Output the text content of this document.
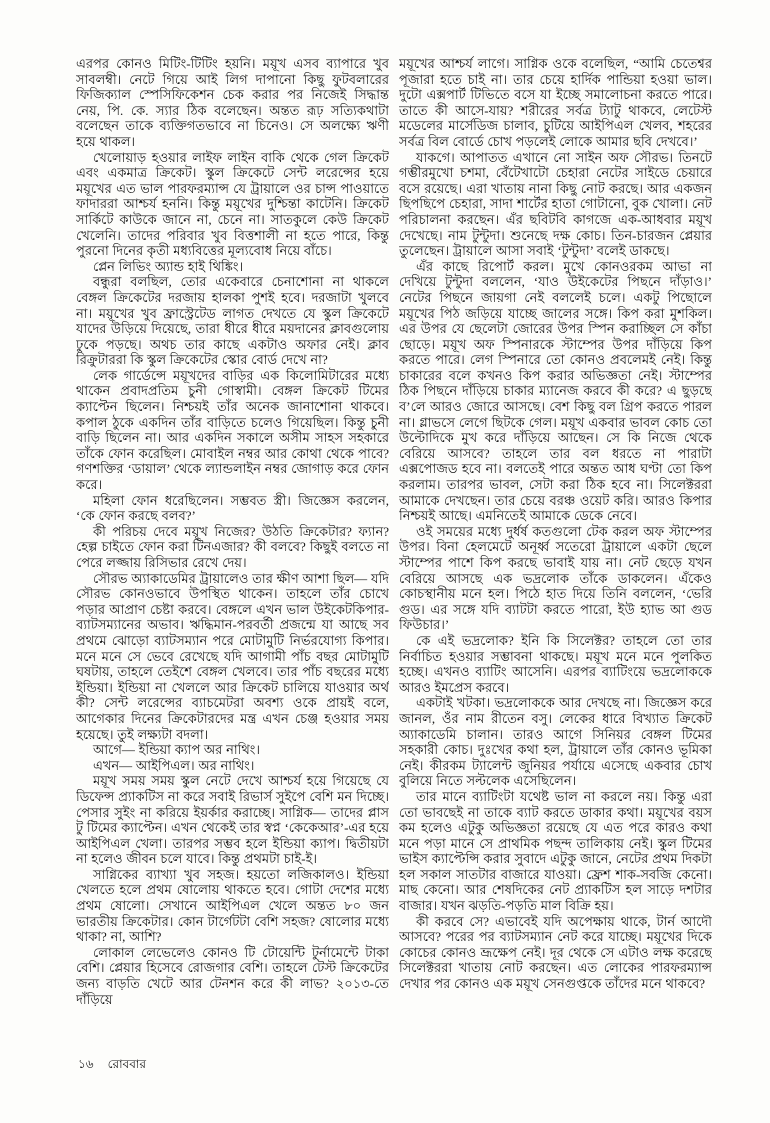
এরপর কোনও মিটিং-টিটিং হয়নি। ময়ূখ এসব ব্যাপারে খুব সাবলম্বী। নেটে গিয়ে আই লিগ দাপানো কিছু ফুটবলারের ফিজিক্যাল স্পেসিফিকেশন চেক করার পর নিজেই সিদ্ধান্ত নেয়, পি. কে. স্যার ঠিক বলেছেন। অন্তত রূঢ় সত্যিকথাটা বলেছেন তাকে ব্যক্তিগতভাবে না চিনেও। সে অলক্ষ্যে ঋণী হয়ে থাকল।

খেলোয়াড় হওয়ার লাইফ লাইন বাকি থেকে গেল ক্রিকেট এবং একমাত্র ক্রিকেট। স্কুল ক্রিকেটে সেন্ট লরেন্সের হয়ে ময়ূখের এত ভাল পারফরম্যান্স যে ট্রায়ালে ওর চান্স পাওয়াতে ফাদাররা আশ্চর্য হননি। কিন্তু ময়ূখের দুশ্চিন্তা কাটেনি। ক্রিকেট সার্কিটে কাউকে জানে না, চেনে না। সাতকুলে কেউ ক্রিকেট খেলেনি। তাদের পরিবার খুব বিত্তশালী না হতে পারে, কিন্তু পুরনো দিনের কৃতী মধ্যবিত্তের মূল্যবোধ নিয়ে বাঁচে।

প্লেন লিভিং অ্যান্ড হাই থিঙ্কিং।

বন্ধুরা বলছিল, তোর একেবারে চেনাশোনা না থাকলে বেঙ্গল ক্রিকেটের দরজায় হালকা পুশই হবে। দরজাটা খুলবে না। ময়ূখের খুব ফ্রাস্ট্রেটেড লাগত দেখতে যে স্কুল ক্রিকেটে যাদের উড়িয়ে দিয়েছে, তারা ধীরে ধীরে ময়দানের ক্লাবগুলোয় ঢুকে পড়ছে। অথচ তার কাছে একটাও অফার নেই। ক্লাব রিক্রুটাররা কি স্কুল ক্রিকেটের স্কোর বোর্ড দেখে না?

লেক গার্ডেন্সে ময়ূখদের বাড়ির এক কিলোমিটারের মধ্যে থাকেন প্রবাদপ্রতিম চুনী গোস্বামী। বেঙ্গল ক্রিকেট টিমের ক্যাপ্টেন ছিলেন। নিশ্চয়ই তাঁর অনেক জানাশোনা থাকবে। কপাল ঠুকে একদিন তাঁর বাড়িতে চলেও গিয়েছিল। কিন্তু চুনী বাড়ি ছিলেন না। আর একদিন সকালে অসীম সাহস সহকারে তাঁকে ফোন করেছিল। মোবাইল নম্বর আর কোথা থেকে পাবে? গণশক্তির ‘ডায়াল’ থেকে ল্যান্ডলাইন নম্বর জোগাড় করে ফোন করে।

মহিলা ফোন ধরেছিলেন। সম্ভবত স্ত্রী। জিজ্ঞেস করলেন, ‘কে ফোন করছে বলব?’

কী পরিচয় দেবে ময়ূখ নিজের? উঠতি ক্রিকেটার? ফ্যান? হেল্প চাইতে ফোন করা টিনএজার? কী বলবে? কিছুই বলতে না পেরে লজ্জায় রিসিভার রেখে দেয়।

সৌরভ অ্যাকাডেমির ট্রায়ালেও তার ক্ষীণ আশা ছিল— যদি সৌরভ কোনওভাবে উপস্থিত থাকেন। তাহলে তাঁর চোখে পড়ার আপ্রাণ চেষ্টা করবে। বেঙ্গলে এখন ভাল উইকেটকিপার-ব্যাটসম্যানের অভাব। ঋদ্ধিমান-পরবর্তী প্রজন্মে যা আছে সব প্রথমে ঝোড়ো ব্যাটসম্যান পরে মোটামুটি নির্ভরযোগ্য কিপার। মনে মনে সে ভেবে রেখেছে যদি আগামী পাঁচ বছর মোটামুটি ঘষটায়, তাহলে তেইশে বেঙ্গল খেলবে। তার পাঁচ বছরের মধ্যে ইন্ডিয়া। ইন্ডিয়া না খেললে আর ক্রিকেট চালিয়ে যাওয়ার অর্থ কী? সেন্ট লরেন্সের ব্যাচমেটরা অবশ্য ওকে প্রায়ই বলে, আগেকার দিনের ক্রিকেটারদের মন্ত্র এখন চেঞ্জ হওয়ার সময় হয়েছে। তুই লক্ষ্যটা বদলা।

আগে— ইন্ডিয়া ক্যাপ অর নাথিং।

এখন— আইপিএল। অর নাথিং।

ময়ূখ সময় সময় স্কুল নেটে দেখে আশ্চর্য হয়ে গিয়েছে যে ডিফেন্স প্র্যাকটিস না করে সবাই রিভার্স সুইপে বেশি মন দিচ্ছে। পেসার সুইং না করিয়ে ইয়র্কার করাচ্ছে। সাগ্নিক— তাদের প্লাস টু টিমের ক্যাপ্টেন। এখন থেকেই তার স্বপ্ন ‘কেকেআর’-এর হয়ে আইপিএল খেলা। তারপর সম্ভব হলে ইন্ডিয়া ক্যাপ। দ্বিতীয়টা না হলেও জীবন চলে যাবে। কিন্তু প্রথমটা চাই-ই।

সাগ্নিকের ব্যাখ্যা খুব সহজ। হয়তো লজিকালও। ইন্ডিয়া খেলতে হলে প্রথম ষোলোয় থাকতে হবে। গোটা দেশের মধ্যে প্রথম ষোলো। সেখানে আইপিএল খেলে অন্তত ৮০ জন ভারতীয় ক্রিকেটার। কোন টার্গেটটা বেশি সহজ? ষোলোর মধ্যে থাকা? না, আশি?

লোকাল লেভেলেও কোনও টি টোয়েন্টি টুর্নামেন্টে টাকা বেশি। প্লেয়ার হিসেবে রোজগার বেশি। তাহলে টেস্ট ক্রিকেটের জন্য বাড়তি খেটে আর টেনশন করে কী লাভ? ২০১৩-তে দাঁড়িয়ে

ময়ূখের আশ্চর্য লাগে। সাগ্নিক ওকে বলেছিল, “আমি চেতেশ্বর পূজারা হতে চাই না। তার চেয়ে হার্দিক পান্ডিয়া হওয়া ভাল। দুটো এক্সপার্ট টিভিতে বসে যা ইচ্ছে সমালোচনা করতে পারে। তাতে কী আসে-যায়? শরীরের সর্বত্র ট্যাটু থাকবে, লেটেস্ট মডেলের মার্সেডিজ চালাব, চুটিয়ে আইপিএল খেলব, শহরের সর্বত্র বিল বোর্ডে চোখ পড়লেই লোকে আমার ছবি দেখবে।’

যাকগে। আপাতত এখানে নো সাইন অফ সৌরভ। তিনটে গম্ভীরমুখো চশমা, বেঁটেখাটো চেহারা নেটের সাইডে চেয়ারে বসে রয়েছে। এরা খাতায় নানা কিছু নোট করছে। আর একজন ছিপছিপে চেহারা, সাদা শার্টের হাতা গোটানো, বুক খোলা। নেট পরিচালনা করছেন। এঁর ছবিটবি কাগজে এক-আধবার ময়ূখ দেখেছে। নাম টুন্টুদা। শুনেছে দক্ষ কোচ। তিন-চারজন প্লেয়ার তুলেছেন। ট্রায়ালে আসা সবাই ‘টুন্টুদা’ বলেই ডাকছে।

এঁর কাছে রিপোর্ট করল। মুখে কোনওরকম আভা না দেখিয়ে টুন্টুদা বললেন, ‘যাও উইকেটের পিছনে দাঁড়াও।’ নেটের পিছনে জায়গা নেই বললেই চলে। একটু পিছোলে ময়ূখের পিঠ জড়িয়ে যাচ্ছে জালের সঙ্গে। কিপ করা মুশকিল। এর উপর যে ছেলেটা জোরের উপর স্পিন করাচ্ছিল সে কাঁচা ছোড়ে। ময়ূখ অফ স্পিনারকে স্টাম্পের উপর দাঁড়িয়ে কিপ করতে পারে। লেগ স্পিনারে তো কোনও প্রবলেমই নেই। কিন্তু চাকারের বলে কখনও কিপ করার অভিজ্ঞতা নেই। স্টাম্পের ঠিক পিছনে দাঁড়িয়ে চাকার ম্যানেজ করবে কী করে? এ ছুড়ছে ব’লে আরও জোরে আসছে। বেশ কিছু বল গ্রিপ করতে পারল না। গ্লাভসে লেগে ছিটকে গেল। ময়ূখ একবার ভাবল কোচ তো উল্টোদিকে মুখ করে দাঁড়িয়ে আছেন। সে কি নিজে থেকে বেরিয়ে আসবে? তাহলে তার বল ধরতে না পারাটা এক্সপোজড হবে না। বলতেই পারে অন্তত আধ ঘণ্টা তো কিপ করলাম। তারপর ভাবল, সেটা করা ঠিক হবে না। সিলেক্টররা আমাকে দেখছেন। তার চেয়ে বরঞ্চ ওয়েট করি। আরও কিপার নিশ্চয়ই আছে। এমনিতেই আমাকে ডেকে নেবে।

ওই সময়ের মধ্যে দুর্ধর্ষ কতগুলো টেক করল অফ স্টাম্পের উপর। বিনা হেলমেটে অনূর্ধ্ব সতেরো ট্রায়ালে একটা ছেলে স্টাম্পের পাশে কিপ করছে ভাবাই যায় না। নেট ছেড়ে যখন বেরিয়ে আসছে এক ভদ্রলোক তাঁকে ডাকলেন। এঁকেও কোচস্থানীয় মনে হল। পিঠে হাত দিয়ে তিনি বললেন, ‘ভেরি গুড। এর সঙ্গে যদি ব্যাটটা করতে পারো, ইউ হ্যাভ আ গুড ফিউচার।’

কে এই ভদ্রলোক? ইনি কি সিলেক্টর? তাহলে তো তার নির্বাচিত হওয়ার সম্ভাবনা থাকছে। ময়ূখ মনে মনে পুলকিত হচ্ছে। এখনও ব্যাটিং আসেনি। এরপর ব্যাটিংয়ে ভদ্রলোককে আরও ইমপ্রেস করবে।

একটাই খটকা। ভদ্রলোককে আর দেখছে না। জিজ্ঞেস করে জানল, ওঁর নাম রীতেন বসু। লেকের ধারে বিখ্যাত ক্রিকেট অ্যাকাডেমি চালান। তারও আগে সিনিয়র বেঙ্গল টিমের সহকারী কোচ। দুঃখের কথা হল, ট্রায়ালে তাঁর কোনও ভূমিকা নেই। কীরকম ট্যালেন্ট জুনিয়র পর্যায়ে এসেছে একবার চোখ বুলিয়ে নিতে সল্টলেক এসেছিলেন।

তার মানে ব্যাটিংটা যথেষ্ট ভাল না করলে নয়। কিন্তু এরা তো ভাবছেই না তাকে ব্যাট করতে ডাকার কথা। ময়ূখের বয়স কম হলেও এটুকু অভিজ্ঞতা রয়েছে যে এত পরে কারও কথা মনে পড়া মানে সে প্রাথমিক পছন্দ তালিকায় নেই। স্কুল টিমের ভাইস ক্যাপ্টেন্সি করার সুবাদে এটুকু জানে, নেটের প্রথম দিকটা হল সকাল সাতটার বাজারে যাওয়া। ফ্রেশ শাক-সবজি কেনো। মাছ কেনো। আর শেষদিকের নেট প্র্যাকটিস হল সাড়ে দশটার বাজার। যখন ঝড়তি-পড়তি মাল বিক্রি হয়।

কী করবে সে? এভাবেই যদি অপেক্ষায় থাকে, টার্ন আদৌ আসবে? পরের পর ব্যাটসম্যান নেট করে যাচ্ছে। ময়ূখের দিকে কোচের কোনও ভ্রূক্ষেপ নেই। দূর থেকে সে এটাও লক্ষ করেছে সিলেক্টররা খাতায় নোট করছেন। এত লোকের পারফরম্যান্স দেখার পর কোনও এক ময়ূখ সেনগুপ্তকে তাঁদের মনে থাকবে?

১৬ রোববার
